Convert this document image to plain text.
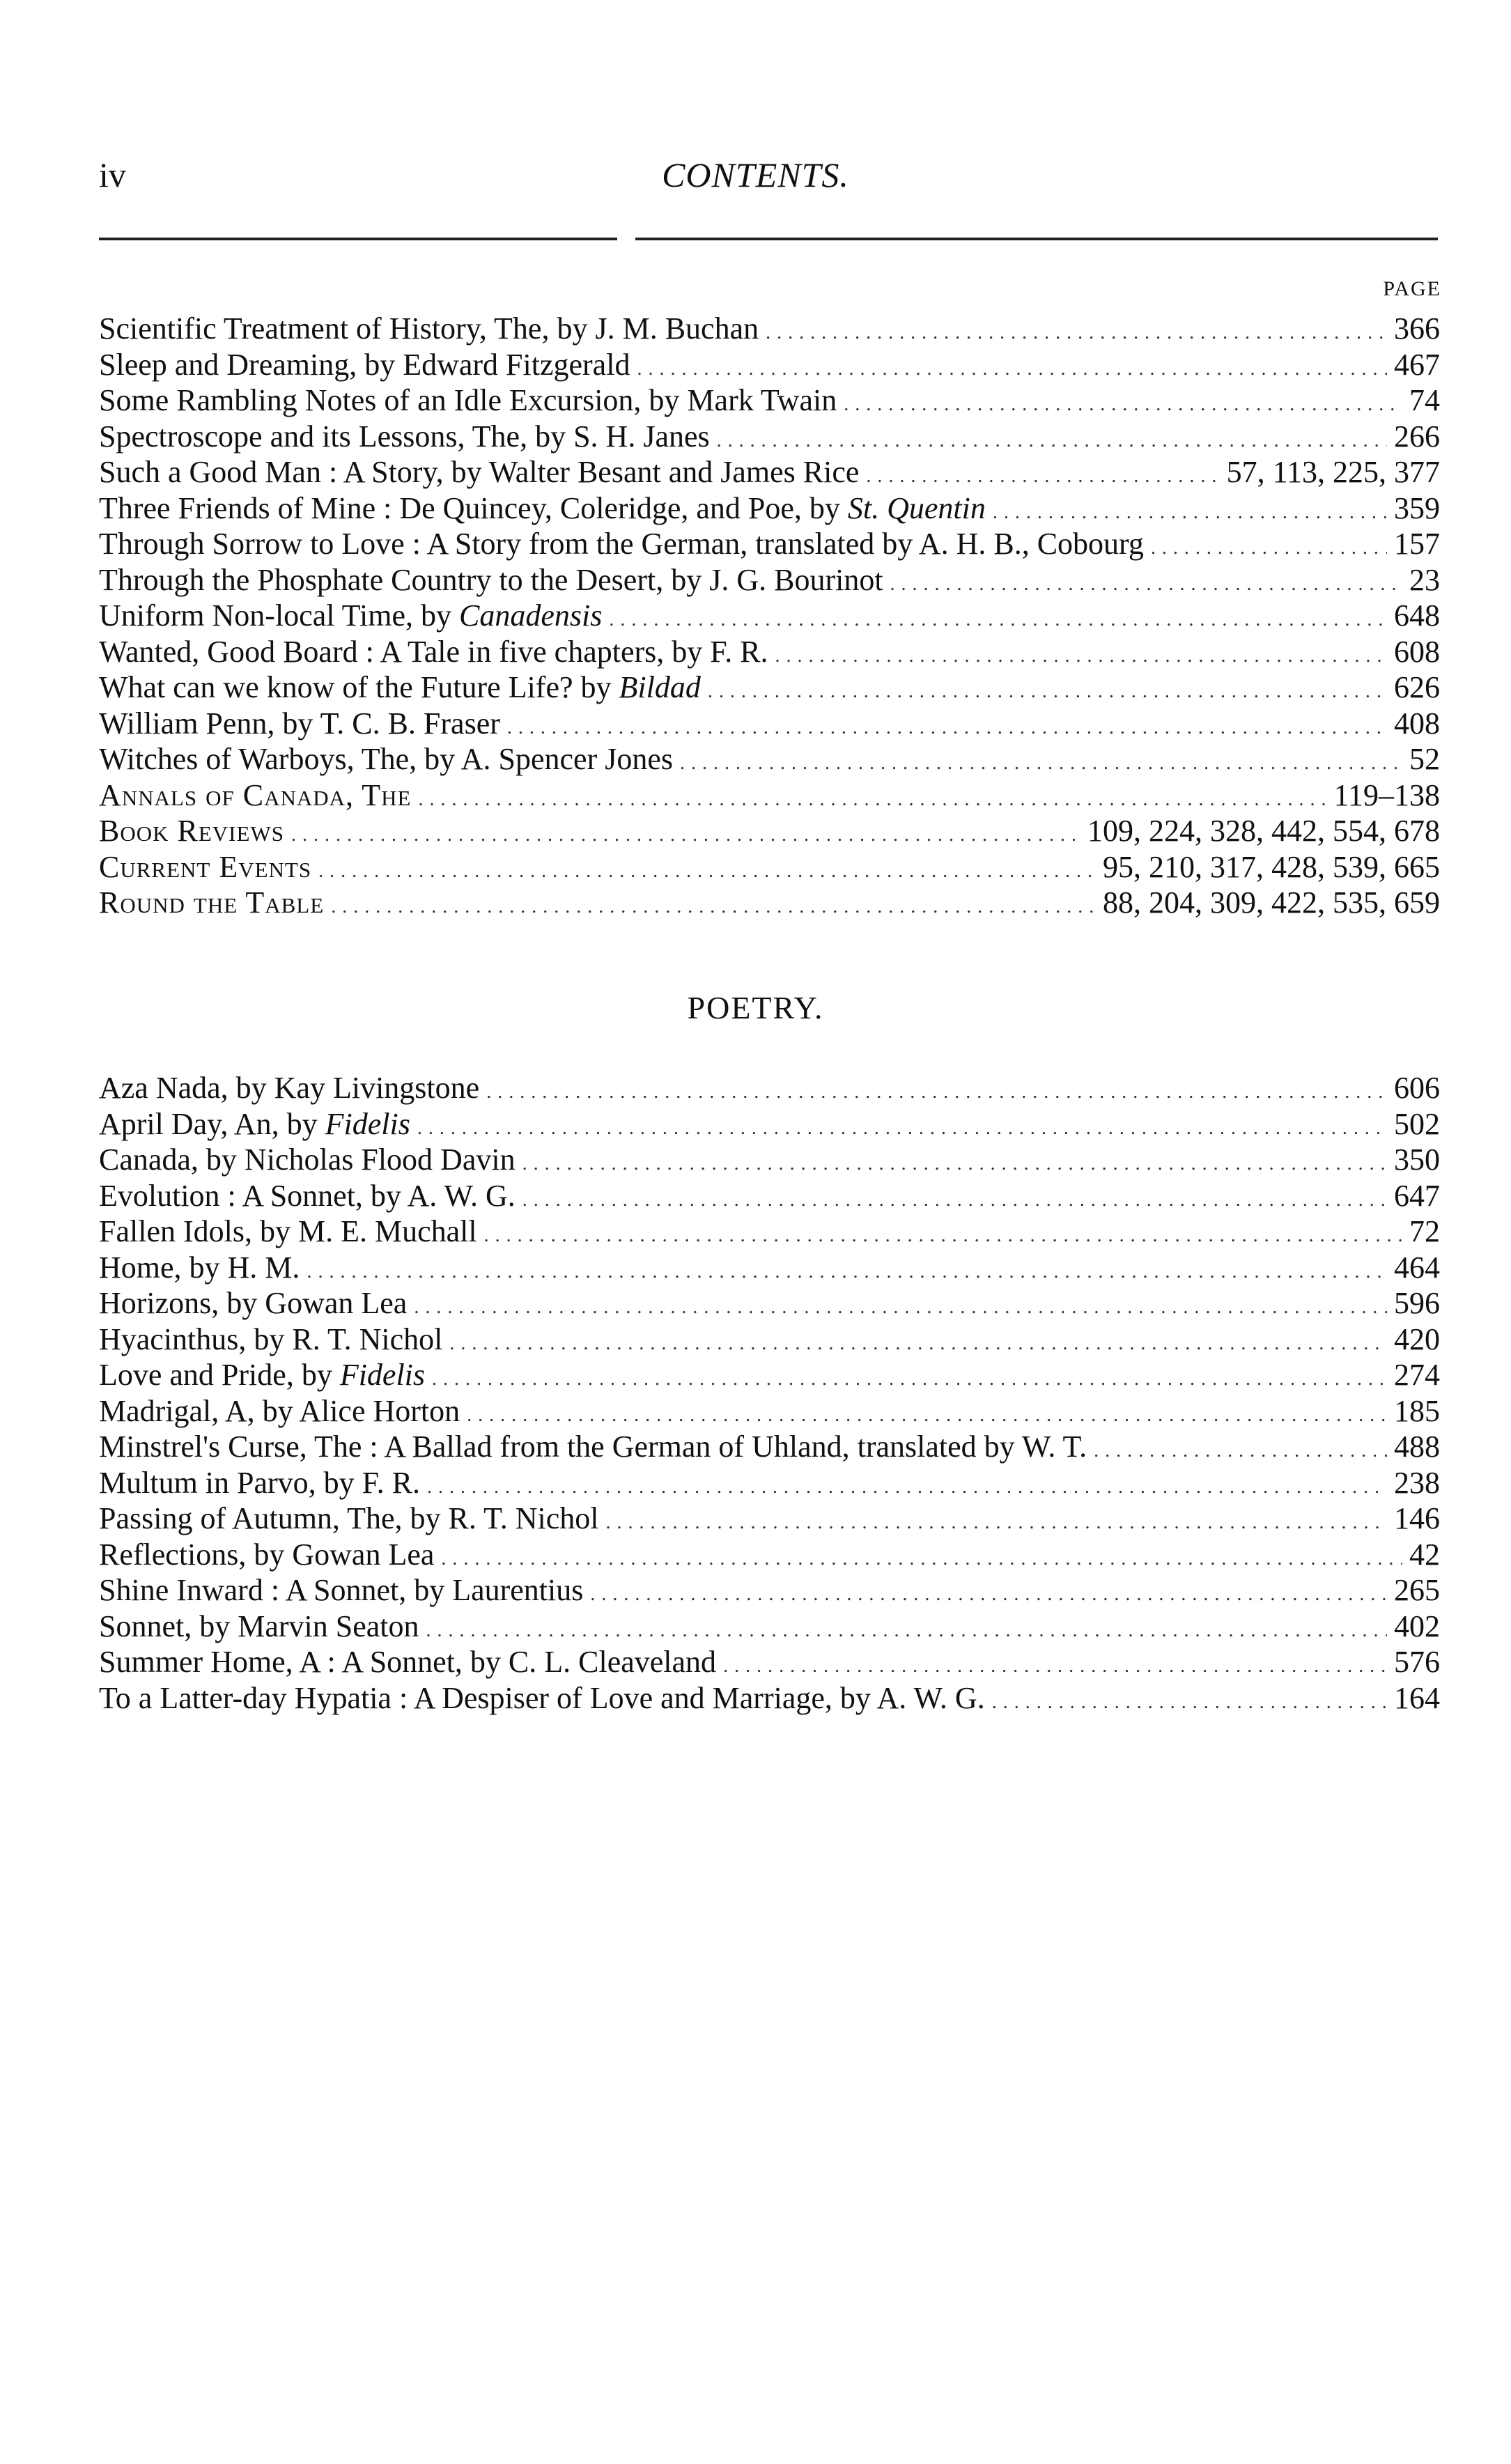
iv	CONTENTS.
PAGE
Scientific Treatment of History, The, by J. M. Buchan . . .	366
Sleep and Dreaming, by Edward Fitzgerald . . .	467
Some Rambling Notes of an Idle Excursion, by Mark Twain . . .	74
Spectroscope and its Lessons, The, by S. H. Janes . . .	266
Such a Good Man : A Story, by Walter Besant and James Rice . . .	57, 113, 225, 377
Three Friends of Mine : De Quincey, Coleridge, and Poe, by St. Quentin . . .	359
Through Sorrow to Love : A Story from the German, translated by A. H. B., Cobourg . . .	157
Through the Phosphate Country to the Desert, by J. G. Bourinot . . .	23
Uniform Non-local Time, by Canadensis . . .	648
Wanted, Good Board : A Tale in five chapters, by F. R. . . .	608
What can we know of the Future Life? by Bildad . . .	626
William Penn, by T. C. B. Fraser . . .	408
Witches of Warboys, The, by A. Spencer Jones . . .	52
Annals of Canada, The . . .	119–138
Book Reviews . . .	109, 224, 328, 442, 554, 678
Current Events . . .	95, 210, 317, 428, 539, 665
Round the Table . . .	88, 204, 309, 422, 535, 659
POETRY.
Aza Nada, by Kay Livingstone . . .	606
April Day, An, by Fidelis . . .	502
Canada, by Nicholas Flood Davin . . .	350
Evolution : A Sonnet, by A. W. G. . . .	647
Fallen Idols, by M. E. Muchall . . .	72
Home, by H. M. . . .	464
Horizons, by Gowan Lea . . .	596
Hyacinthus, by R. T. Nichol . . .	420
Love and Pride, by Fidelis . . .	274
Madrigal, A, by Alice Horton . . .	185
Minstrel's Curse, The : A Ballad from the German of Uhland, translated by W. T. . . .	488
Multum in Parvo, by F. R. . . .	238
Passing of Autumn, The, by R. T. Nichol . . .	146
Reflections, by Gowan Lea . . .	42
Shine Inward : A Sonnet, by Laurentius . . .	265
Sonnet, by Marvin Seaton . . .	402
Summer Home, A : A Sonnet, by C. L. Cleaveland . . .	576
To a Latter-day Hypatia : A Despiser of Love and Marriage, by A. W. G. . . .	164
